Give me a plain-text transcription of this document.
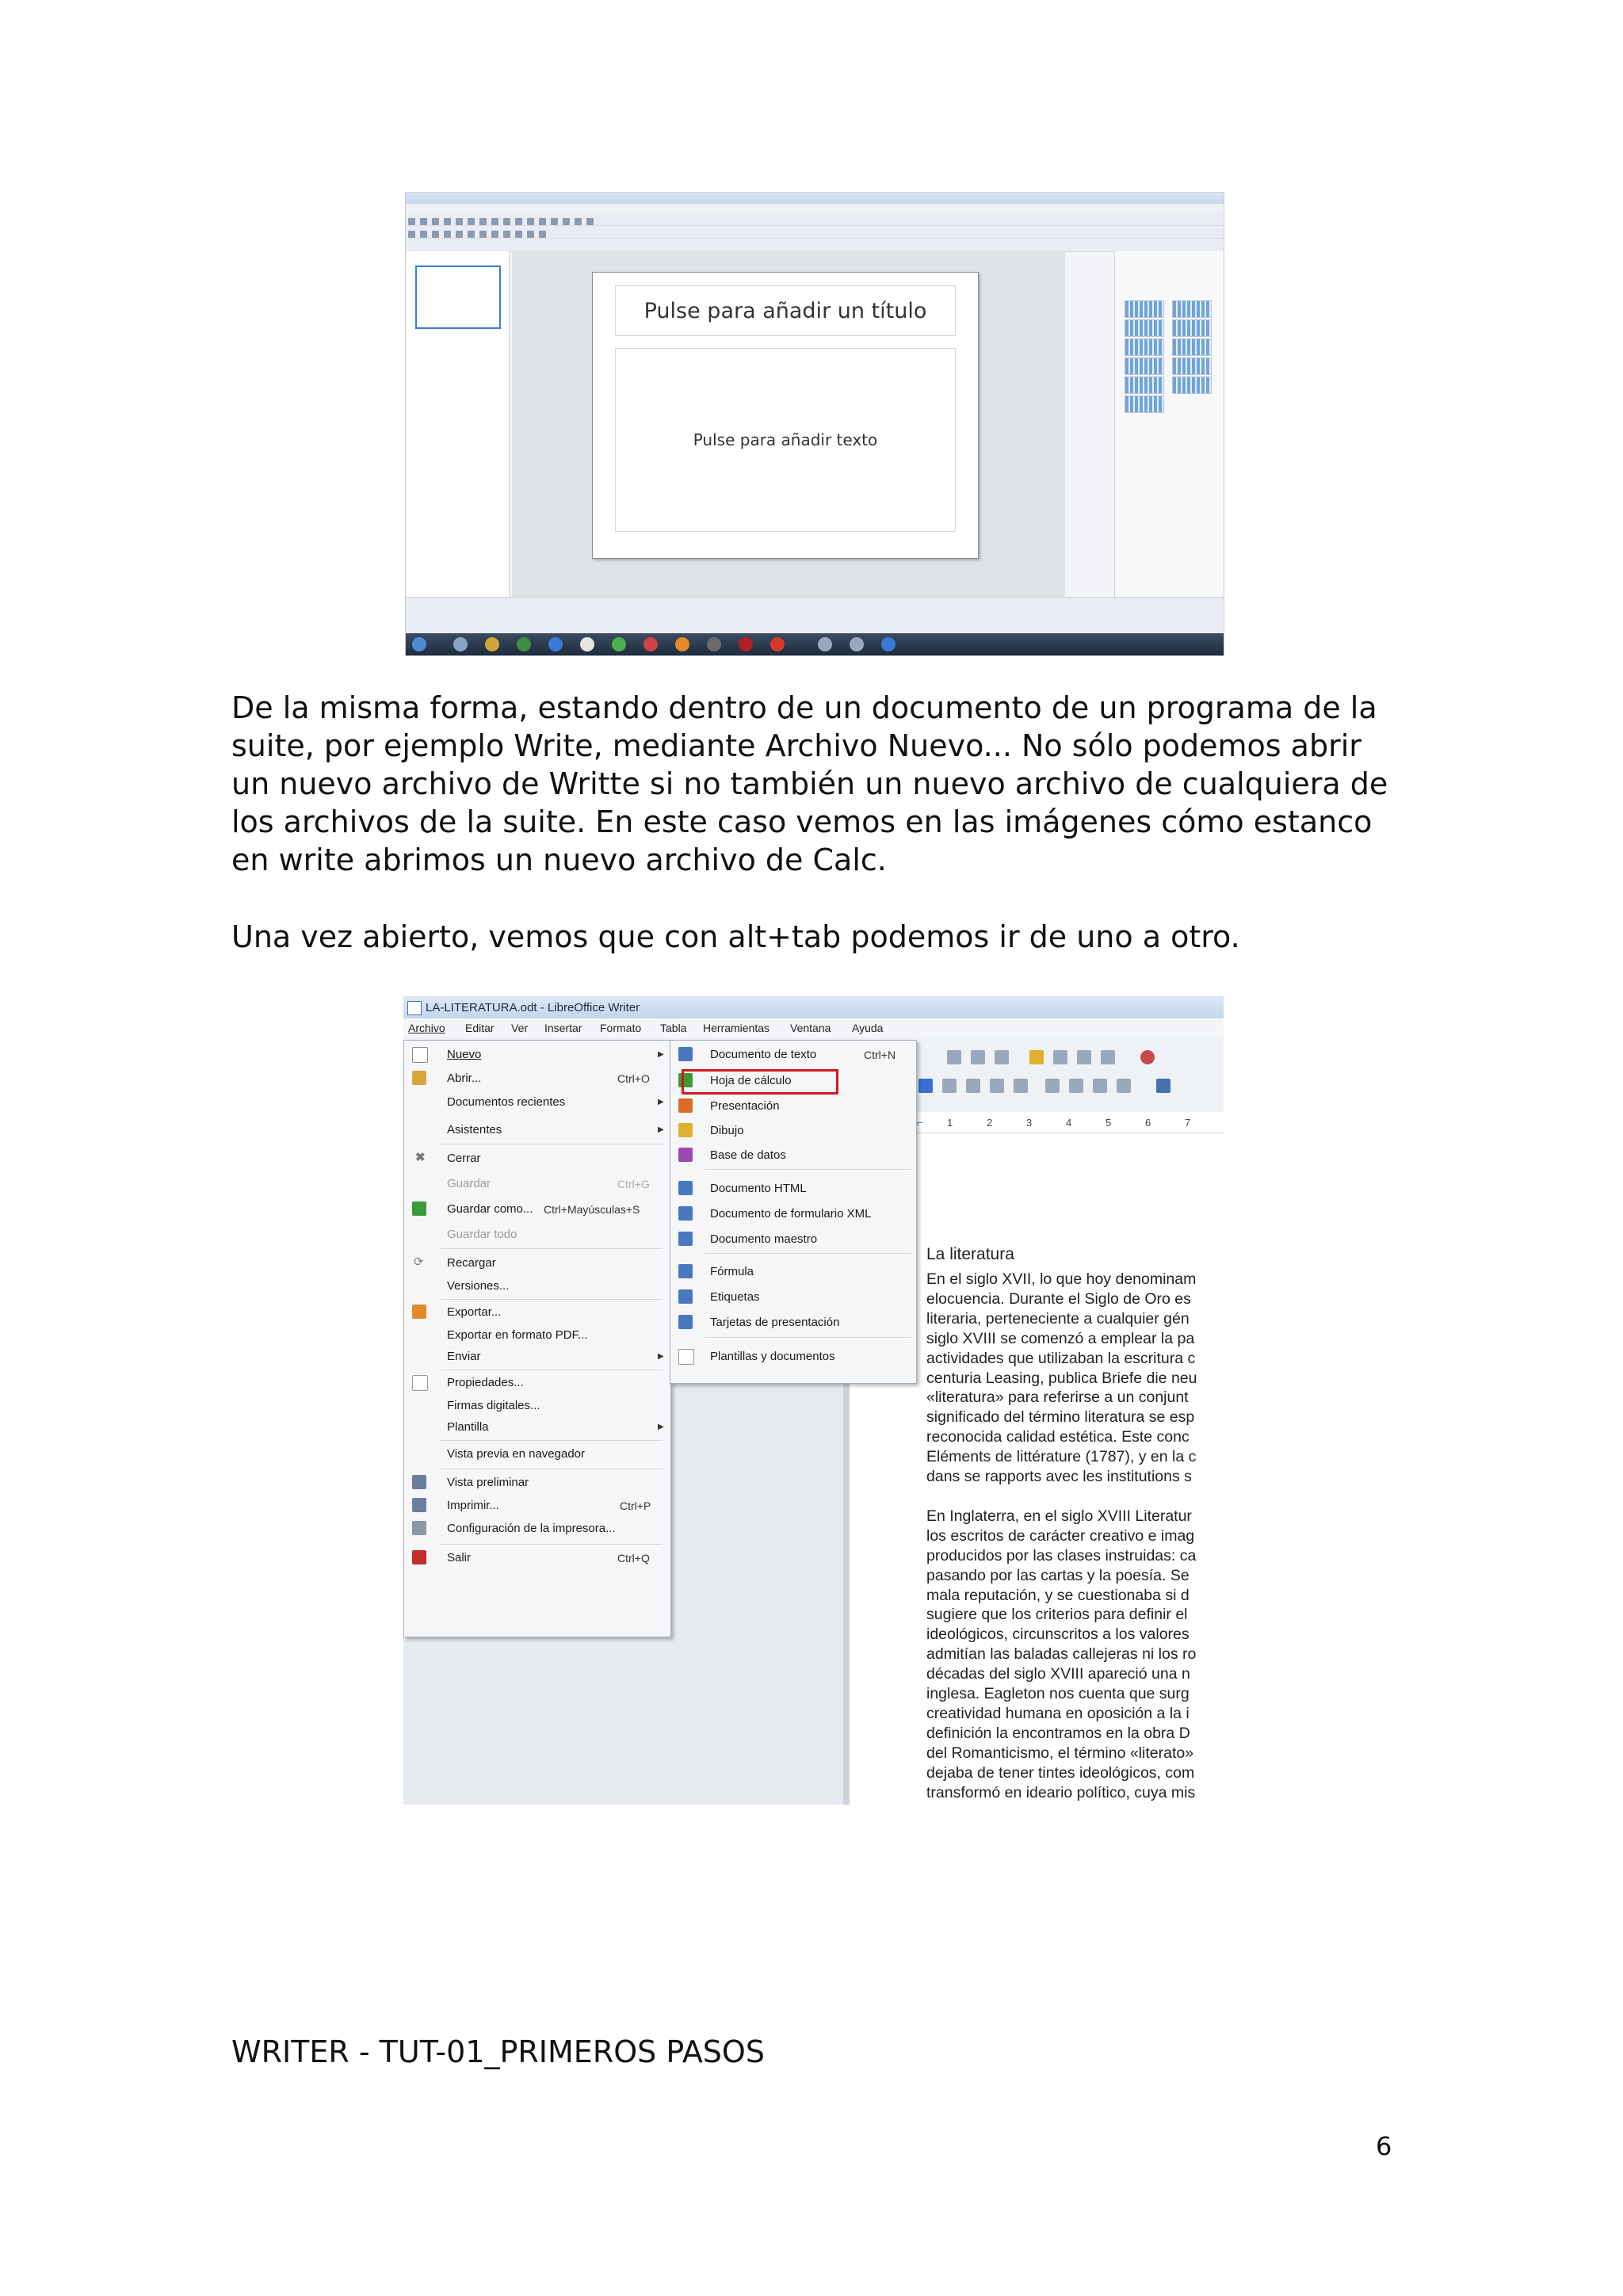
Pulse para añadir un título
Pulse para añadir texto

De la misma forma, estando dentro de un documento de un programa de la suite, por ejemplo Write, mediante Archivo Nuevo... No sólo podemos abrir un nuevo archivo de Writte si no también un nuevo archivo de cualquiera de los archivos de la suite. En este caso vemos en las imágenes cómo estanco en write abrimos un nuevo archivo de Calc.

Una vez abierto, vemos que con alt+tab podemos ir de uno a otro.

LA-LITERATURA.odt - LibreOffice Writer
Archivo Editar Ver Insertar Formato Tabla Herramientas Ventana Ayuda
⌐ 1	2	3	4	5	6	7
La literatura
En el siglo XVII, lo que hoy denominam
elocuencia. Durante el Siglo de Oro es
literaria, perteneciente a cualquier gén
siglo XVIII se comenzó a emplear la pa
actividades que utilizaban la escritura c
centuria Leasing, publica Briefe die neu
«literatura» para referirse a un conjunt
significado del término literatura se esp
reconocida calidad estética. Este conc
Eléments de littérature (1787), y en la c
dans se rapports avec les institutions s

En Inglaterra, en el siglo XVIII Literatur
los escritos de carácter creativo e imag
producidos por las clases instruidas: ca
pasando por las cartas y la poesía. Se
mala reputación, y se cuestionaba si d
sugiere que los criterios para definir el
ideológicos, circunscritos a los valores
admitían las baladas callejeras ni los ro
décadas del siglo XVIII apareció una n
inglesa. Eagleton nos cuenta que surg
creatividad humana en oposición a la i
definición la encontramos en la obra D
del Romanticismo, el término «literato»
dejaba de tener tintes ideológicos, com
transformó en ideario político, cuya mis
Nuevo	▶
Abrir...	Ctrl+O
Documentos recientes	▶
Asistentes	▶
✖ Cerrar
Guardar	Ctrl+G
Guardar como... Ctrl+Mayúsculas+S
Guardar todo
⟳ Recargar
Versiones...
Exportar...
Exportar en formato PDF...
Enviar	▶
Propiedades...
Firmas digitales...
Plantilla	▶
Vista previa en navegador
Vista preliminar
Imprimir...	Ctrl+P
Configuración de la impresora...
Salir	Ctrl+Q
Documento de texto	Ctrl+N
Hoja de cálculo
Presentación
Dibujo
Base de datos
Documento HTML
Documento de formulario XML
Documento maestro
Fórmula
Etiquetas
Tarjetas de presentación
Plantillas y documentos

WRITER - TUT-01_PRIMEROS PASOS

6
